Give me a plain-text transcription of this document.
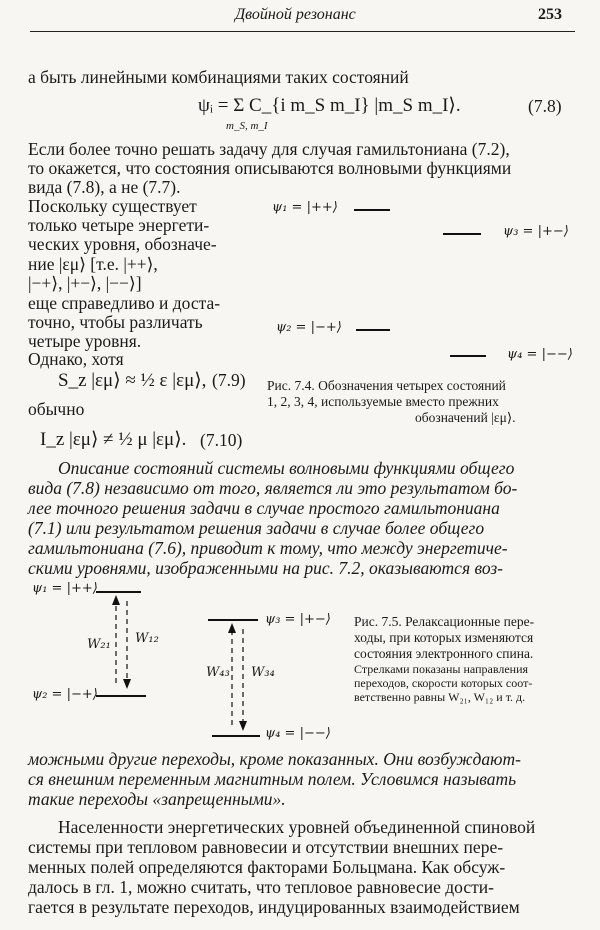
Двойной резонанс	253
а быть линейными комбинациями таких состояний
ψᵢ = Σ C_{i m_S m_I} |m_S m_I⟩.
m_S, m_I
(7.8)
Если более точно решать задачу для случая гамильтониана (7.2),
то окажется, что состояния описываются волновыми функциями
вида (7.8), а не (7.7).
Поскольку существует
только четыре энергети-
ческих уровня, обозначе-
ние |εμ⟩ [т.е. |++⟩,
|−+⟩, |+−⟩, |−−⟩]
еще справедливо и доста-
точно, чтобы различать
четыре уровня.
Однако, хотя
S_z |εμ⟩ ≈ ½ ε |εμ⟩, (7.9)
обычно
I_z |εμ⟩ ≠ ½ μ |εμ⟩. (7.10)
ψ₁ = |++⟩
ψ₃ = |+−⟩
ψ₂ = |−+⟩
ψ₄ = |−−⟩
Рис. 7.4. Обозначения четырех состояний
1, 2, 3, 4, используемые вместо прежних
обозначений |εμ⟩.
Описание состояний системы волновыми функциями общего
вида (7.8) независимо от того, является ли это результатом бо-
лее точного решения задачи в случае простого гамильтониана
(7.1) или результатом решения задачи в случае более общего
гамильтониана (7.6), приводит к тому, что между энергетиче-
скими уровнями, изображенными на рис. 7.2, оказываются воз-
ψ₁ = |++⟩
ψ₂ = |−+⟩
W₂₁ W₁₂
ψ₃ = |+−⟩
W₄₃ W₃₄
ψ₄ = |−−⟩
Рис. 7.5. Релаксационные пере-
ходы, при которых изменяются
состояния электронного спина.
Стрелками показаны направления
переходов, скорости которых соот-
ветственно равны W₂₁, W₁₂ и т. д.
можными другие переходы, кроме показанных. Они возбуждают-
ся внешним переменным магнитным полем. Условимся называть
такие переходы «запрещенными».
Населенности энергетических уровней объединенной спиновой
системы при тепловом равновесии и отсутствии внешних пере-
менных полей определяются факторами Больцмана. Как обсуж-
далось в гл. 1, можно считать, что тепловое равновесие дости-
гается в результате переходов, индуцированных взаимодействием
